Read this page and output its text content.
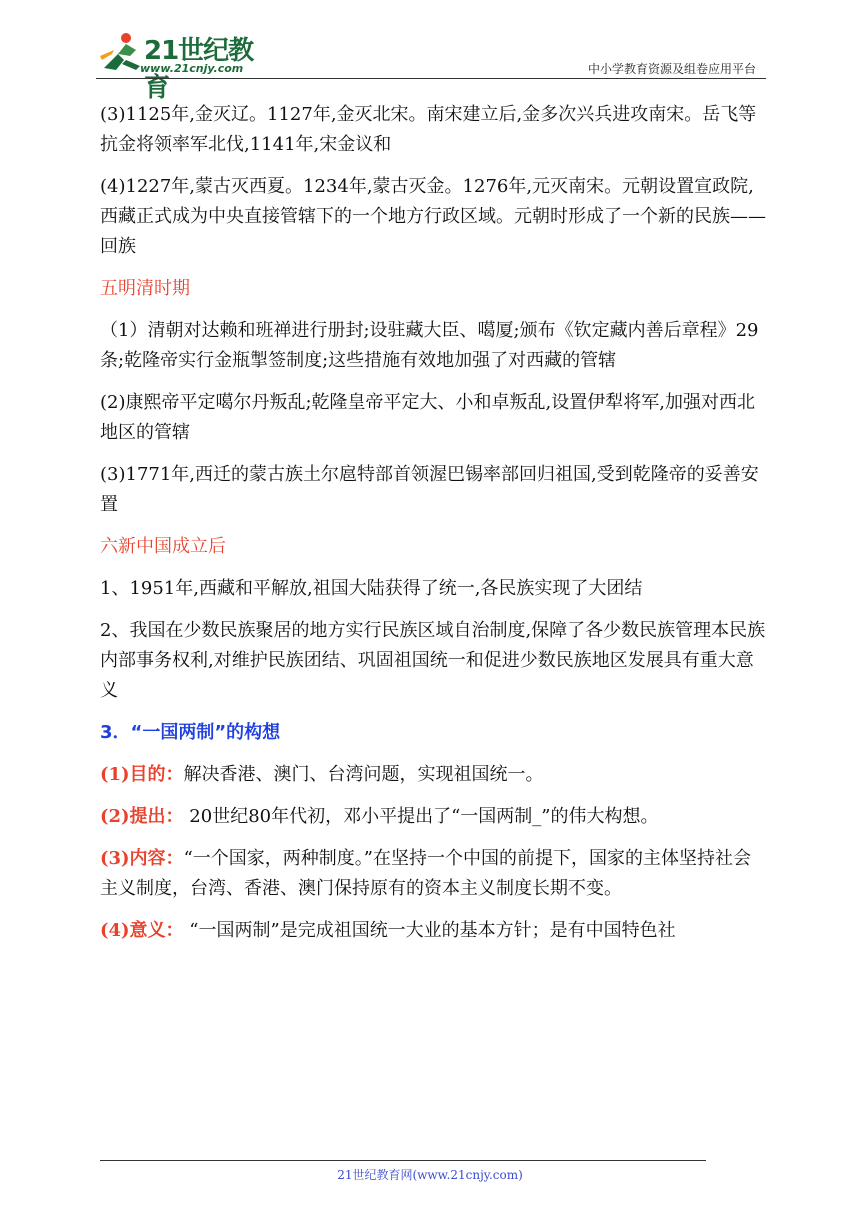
21世纪教育
www.21cnjy.com	中小学教育资源及组卷应用平台

(3)1125年,金灭辽。1127年,金灭北宋。南宋建立后,金多次兴兵进攻南宋。岳飞等抗金将领率军北伐,1141年,宋金议和

(4)1227年,蒙古灭西夏。1234年,蒙古灭金。1276年,元灭南宋。元朝设置宣政院,西藏正式成为中央直接管辖下的一个地方行政区域。元朝时形成了一个新的民族——回族

五明清时期

（1）清朝对达赖和班禅进行册封;设驻藏大臣、噶厦;颁布《钦定藏内善后章程》29条;乾隆帝实行金瓶掣签制度;这些措施有效地加强了对西藏的管辖

(2)康熙帝平定噶尔丹叛乱;乾隆皇帝平定大、小和卓叛乱,设置伊犁将军,加强对西北地区的管辖

(3)1771年,西迁的蒙古族土尔扈特部首领渥巴锡率部回归祖国,受到乾隆帝的妥善安置

六新中国成立后

1、1951年,西藏和平解放,祖国大陆获得了统一,各民族实现了大团结

2、我国在少数民族聚居的地方实行民族区域自治制度,保障了各少数民族管理本民族内部事务权利,对维护民族团结、巩固祖国统一和促进少数民族地区发展具有重大意义

3．“一国两制”的构想

(1)目的：解决香港、澳门、台湾问题，实现祖国统一。

(2)提出： 20世纪80年代初，邓小平提出了“一国两制_”的伟大构想。

(3)内容：“一个国家，两种制度。”在坚持一个中国的前提下，国家的主体坚持社会主义制度，台湾、香港、澳门保持原有的资本主义制度长期不变。

(4)意义： “一国两制”是完成祖国统一大业的基本方针；是有中国特色社

21世纪教育网(www.21cnjy.com)
